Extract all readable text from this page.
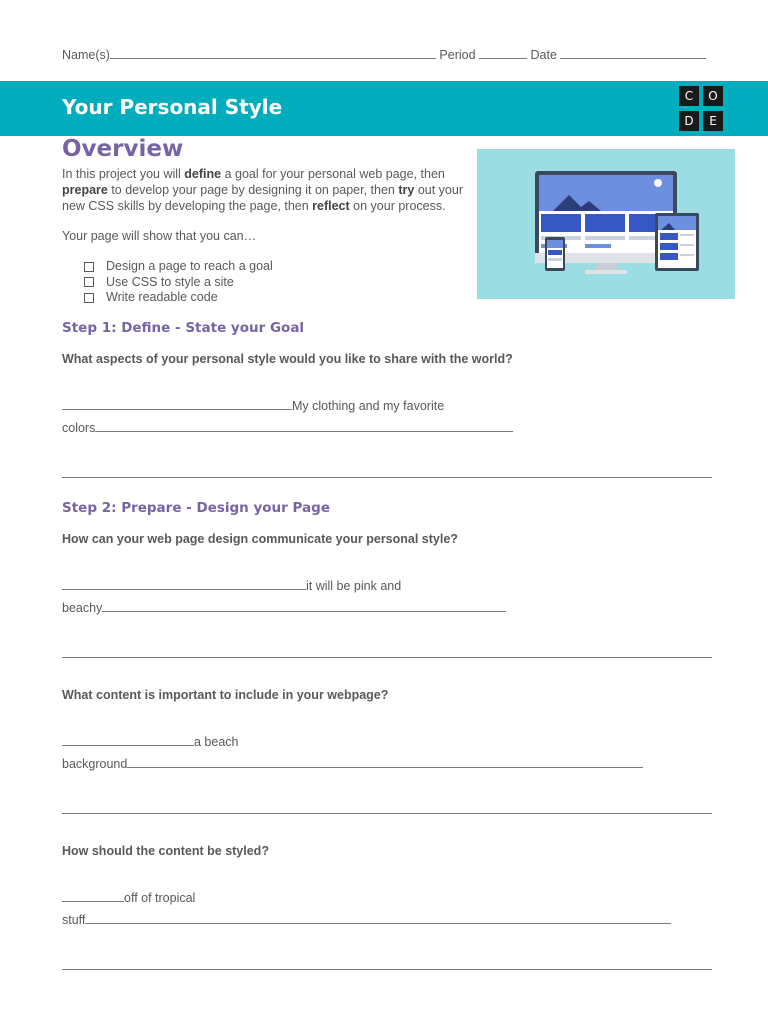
Name(s)	Period	Date
Your Personal Style	C	O
D	E
Overview
In this project you will define a goal for your personal web page, then prepare to develop your page by designing it on paper, then try out your new CSS skills by developing the page, then reflect on your process.
Your page will show that you can…
Design a page to reach a goal
Use CSS to style a site
Write readable code
Step 1: Define - State your Goal
What aspects of your personal style would you like to share with the world?
My clothing and my favorite
colors
Step 2: Prepare - Design your Page
How can your web page design communicate your personal style?
it will be pink and
beachy
What content is important to include in your webpage?
a beach
background
How should the content be styled?
off of tropical
stuff
